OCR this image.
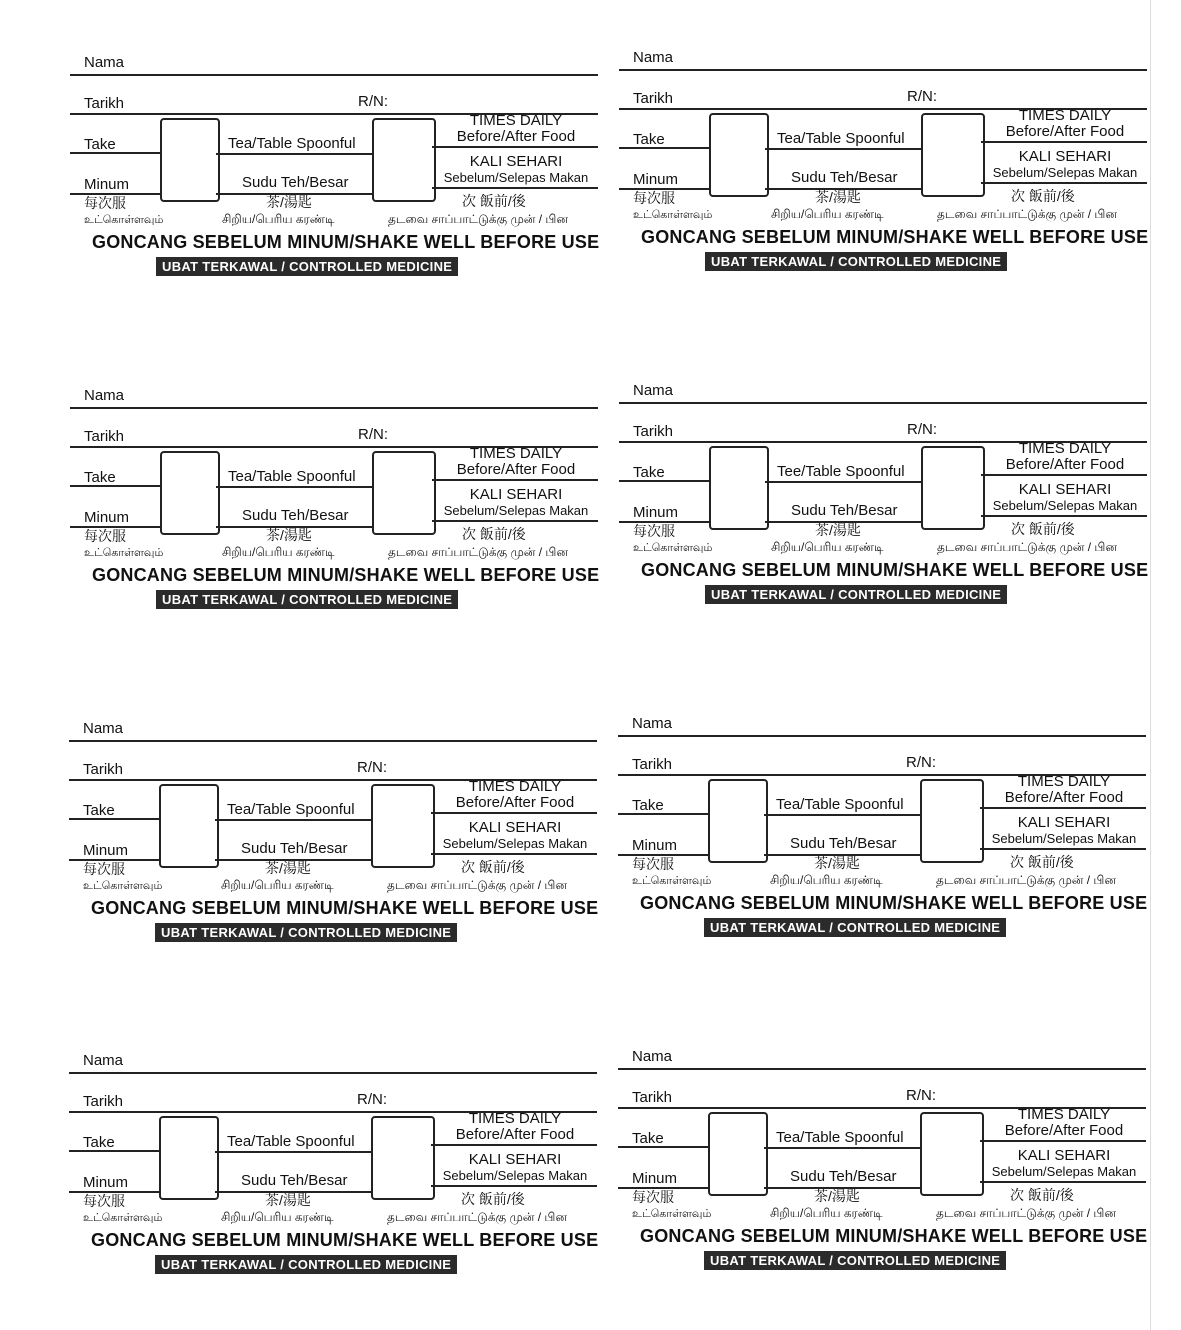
Nama
Tarikh	R/N:
Take	Tea/Table Spoonful
TIMES DAILY
Before/After Food
KALI SEHARI
Sebelum/Selepas Makan
Minum	Sudu Teh/Besar
每次服
உட்கொள்ளவும்
茶/湯匙
சிறிய/பெரிய கரண்டி
次 飯前/後
தடவை சாப்பாட்டுக்கு முன் / பின
GONCANG SEBELUM MINUM/SHAKE WELL BEFORE USE
UBAT TERKAWAL / CONTROLLED MEDICINE
Nama
Tarikh	R/N:
Take	Tea/Table Spoonful
TIMES DAILY
Before/After Food
KALI SEHARI
Sebelum/Selepas Makan
Minum	Sudu Teh/Besar
每次服
உட்கொள்ளவும்
茶/湯匙
சிறிய/பெரிய கரண்டி
次 飯前/後
தடவை சாப்பாட்டுக்கு முன் / பின
GONCANG SEBELUM MINUM/SHAKE WELL BEFORE USE
UBAT TERKAWAL / CONTROLLED MEDICINE
Nama
Tarikh	R/N:
Take	Tea/Table Spoonful
TIMES DAILY
Before/After Food
KALI SEHARI
Sebelum/Selepas Makan
Minum	Sudu Teh/Besar
每次服
உட்கொள்ளவும்
茶/湯匙
சிறிய/பெரிய கரண்டி
次 飯前/後
தடவை சாப்பாட்டுக்கு முன் / பின
GONCANG SEBELUM MINUM/SHAKE WELL BEFORE USE
UBAT TERKAWAL / CONTROLLED MEDICINE
Nama
Tarikh	R/N:
Take	Tee/Table Spoonful
TIMES DAILY
Before/After Food
KALI SEHARI
Sebelum/Selepas Makan
Minum	Sudu Teh/Besar
每次服
உட்கொள்ளவும்
茶/湯匙
சிறிய/பெரிய கரண்டி
次 飯前/後
தடவை சாப்பாட்டுக்கு முன் / பின
GONCANG SEBELUM MINUM/SHAKE WELL BEFORE USE
UBAT TERKAWAL / CONTROLLED MEDICINE
Nama
Tarikh	R/N:
Take	Tea/Table Spoonful
TIMES DAILY
Before/After Food
KALI SEHARI
Sebelum/Selepas Makan
Minum	Sudu Teh/Besar
每次服
உட்கொள்ளவும்
茶/湯匙
சிறிய/பெரிய கரண்டி
次 飯前/後
தடவை சாப்பாட்டுக்கு முன் / பின
GONCANG SEBELUM MINUM/SHAKE WELL BEFORE USE
UBAT TERKAWAL / CONTROLLED MEDICINE
Nama
Tarikh	R/N:
Take	Tea/Table Spoonful
TIMES DAILY
Before/After Food
KALI SEHARI
Sebelum/Selepas Makan
Minum	Sudu Teh/Besar
每次服
உட்கொள்ளவும்
茶/湯匙
சிறிய/பெரிய கரண்டி
次 飯前/後
தடவை சாப்பாட்டுக்கு முன் / பின
GONCANG SEBELUM MINUM/SHAKE WELL BEFORE USE
UBAT TERKAWAL / CONTROLLED MEDICINE
Nama
Tarikh	R/N:
Take	Tea/Table Spoonful
TIMES DAILY
Before/After Food
KALI SEHARI
Sebelum/Selepas Makan
Minum	Sudu Teh/Besar
每次服
உட்கொள்ளவும்
茶/湯匙
சிறிய/பெரிய கரண்டி
次 飯前/後
தடவை சாப்பாட்டுக்கு முன் / பின
GONCANG SEBELUM MINUM/SHAKE WELL BEFORE USE
UBAT TERKAWAL / CONTROLLED MEDICINE
Nama
Tarikh	R/N:
Take	Tea/Table Spoonful
TIMES DAILY
Before/After Food
KALI SEHARI
Sebelum/Selepas Makan
Minum	Sudu Teh/Besar
每次服
உட்கொள்ளவும்
茶/湯匙
சிறிய/பெரிய கரண்டி
次 飯前/後
தடவை சாப்பாட்டுக்கு முன் / பின
GONCANG SEBELUM MINUM/SHAKE WELL BEFORE USE
UBAT TERKAWAL / CONTROLLED MEDICINE
